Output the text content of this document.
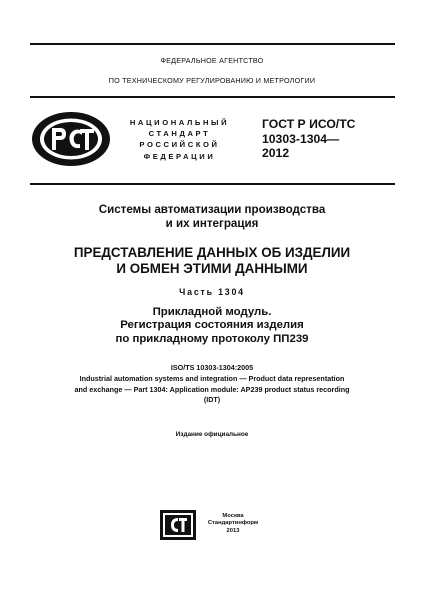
ФЕДЕРАЛЬНОЕ АГЕНТСТВО
ПО ТЕХНИЧЕСКОМУ РЕГУЛИРОВАНИЮ И МЕТРОЛОГИИ
НАЦИОНАЛЬНЫЙ
СТАНДАРТ
РОССИЙСКОЙ
ФЕДЕРАЦИИ
ГОСТ Р ИСО/ТС
10303-1304—
2012
Системы автоматизации производства
и их интеграция
ПРЕДСТАВЛЕНИЕ ДАННЫХ ОБ ИЗДЕЛИИ
И ОБМЕН ЭТИМИ ДАННЫМИ
Часть 1304
Прикладной модуль.
Регистрация состояния изделия
по прикладному протоколу ПП239
ISO/TS 10303-1304:2005
Industrial automation systems and integration — Product data representation
and exchange — Part 1304: Application module: AP239 product status recording
(IDT)
Издание официальное
Москва
Стандартинформ
2013
